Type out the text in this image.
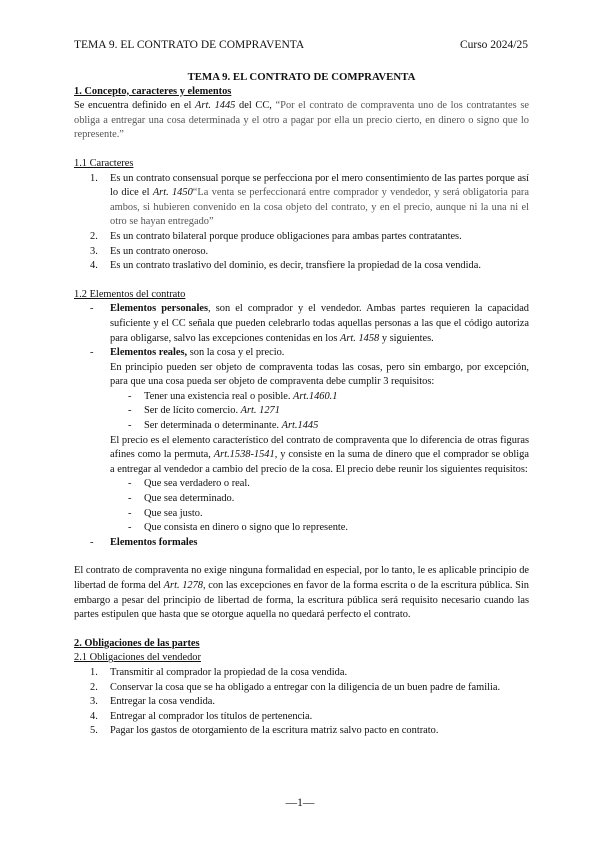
TEMA 9. EL CONTRATO DE COMPRAVENTA	Curso 2024/25

TEMA 9. EL CONTRATO DE COMPRAVENTA

1. Concepto, caracteres y elementos

Se encuentra definido en el Art. 1445 del CC, “Por el contrato de compraventa uno de los contratantes se obliga a entregar una cosa determinada y el otro a pagar por ella un precio cierto, en dinero o signo que lo represente.”

1.1 Caracteres
1. Es un contrato consensual porque se perfecciona por el mero consentimiento de las partes porque así lo dice el Art. 1450“La venta se perfeccionará entre comprador y vendedor, y será obligatoria para ambos, si hubieren convenido en la cosa objeto del contrato, y en el precio, aunque ni la una ni el otro se hayan entregado”
2. Es un contrato bilateral porque produce obligaciones para ambas partes contratantes.
3. Es un contrato oneroso.
4. Es un contrato traslativo del dominio, es decir, transfiere la propiedad de la cosa vendida.
1.2 Elementos del contrato
- Elementos personales, son el comprador y el vendedor. Ambas partes requieren la capacidad suficiente y el CC señala que pueden celebrarlo todas aquellas personas a las que el código autoriza para obligarse, salvo las excepciones contenidas en los Art. 1458 y siguientes.
- Elementos reales, son la cosa y el precio.
En principio pueden ser objeto de compraventa todas las cosas, pero sin embargo, por excepción, para que una cosa pueda ser objeto de compraventa debe cumplir 3 requisitos:
- Tener una existencia real o posible. Art.1460.1
- Ser de lícito comercio. Art. 1271
- Ser determinada o determinante. Art.1445
El precio es el elemento característico del contrato de compraventa que lo diferencia de otras figuras afines como la permuta, Art.1538-1541, y consiste en la suma de dinero que el comprador se obliga a entregar al vendedor a cambio del precio de la cosa. El precio debe reunir los siguientes requisitos:
- Que sea verdadero o real.
- Que sea determinado.
- Que sea justo.
- Que consista en dinero o signo que lo represente.
- Elementos formales

El contrato de compraventa no exige ninguna formalidad en especial, por lo tanto, le es aplicable principio de libertad de forma del Art. 1278, con las excepciones en favor de la forma escrita o de la escritura pública. Sin embargo a pesar del principio de libertad de forma, la escritura pública será requisito necesario cuando las partes estipulen que hasta que se otorgue aquella no quedará perfecto el contrato.

2. Obligaciones de las partes
2.1 Obligaciones del vendedor
1. Transmitir al comprador la propiedad de la cosa vendida.
2. Conservar la cosa que se ha obligado a entregar con la diligencia de un buen padre de familia.
3. Entregar la cosa vendida.
4. Entregar al comprador los títulos de pertenencia.
5. Pagar los gastos de otorgamiento de la escritura matriz salvo pacto en contrato.
—1—
